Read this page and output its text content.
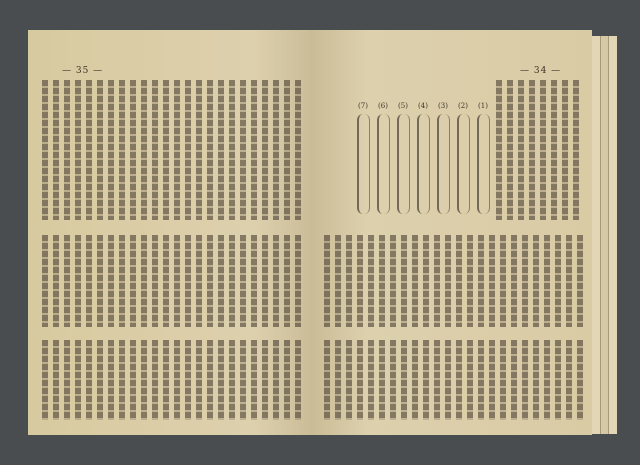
— 35 —	— 34 —
(1)
(2)
(3)
(4)
(5)
(6)
(7)
